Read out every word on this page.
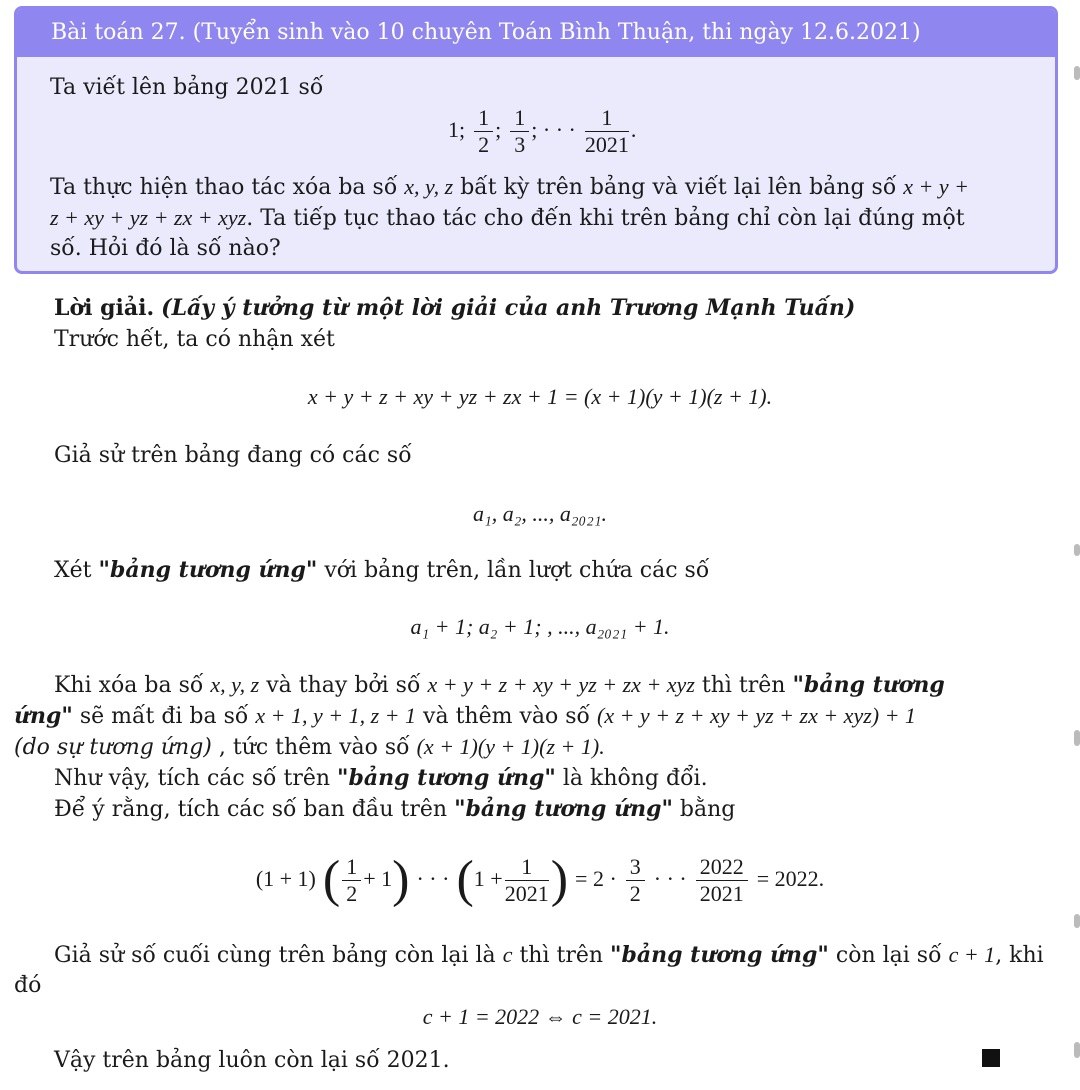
Bài toán 27. (Tuyển sinh vào 10 chuyên Toán Bình Thuận, thi ngày 12.6.2021)
Ta viết lên bảng 2021 số
1; $\frac{1}{2}$ ; $\frac{1}{3}$ ; · · · $\frac{1}{2021}$ .
Ta thực hiện thao tác xóa ba số x, y, z bất kỳ trên bảng và viết lại lên bảng số x + y +
z + xy + yz + zx + xyz. Ta tiếp tục thao tác cho đến khi trên bảng chỉ còn lại đúng một
số. Hỏi đó là số nào?
Lời giải. (Lấy ý tưởng từ một lời giải của anh Trương Mạnh Tuấn)
Trước hết, ta có nhận xét
x + y + z + xy + yz + zx + 1 = (x + 1)(y + 1)(z + 1).
Giả sử trên bảng đang có các số
a₁, a₂, ..., a₂₀₂₁.
Xét "bảng tương ứng" với bảng trên, lần lượt chứa các số
a₁ + 1; a₂ + 1; , ..., a₂₀₂₁ + 1.
Khi xóa ba số x, y, z và thay bởi số x + y + z + xy + yz + zx + xyz thì trên "bảng tương
ứng" sẽ mất đi ba số x + 1, y + 1, z + 1 và thêm vào số (x + y + z + xy + yz + zx + xyz) + 1
(do sự tương ứng) , tức thêm vào số (x + 1)(y + 1)(z + 1).
Như vậy, tích các số trên "bảng tương ứng" là không đổi.
Để ý rằng, tích các số ban đầu trên "bảng tương ứng" bằng
(1 + 1) ( $\frac{1}{2} + 1$) · · · ($1 + \frac{1}{2021}$ ) = $2 \cdot \frac{3}{2}$ · · · $\frac{2022}{2021} = 2022$.
Giả sử số cuối cùng trên bảng còn lại là c thì trên "bảng tương ứng" còn lại số c + 1, khi
đó
c + 1 = 2022 ⇔ c = 2021.
Vậy trên bảng luôn còn lại số 2021.
